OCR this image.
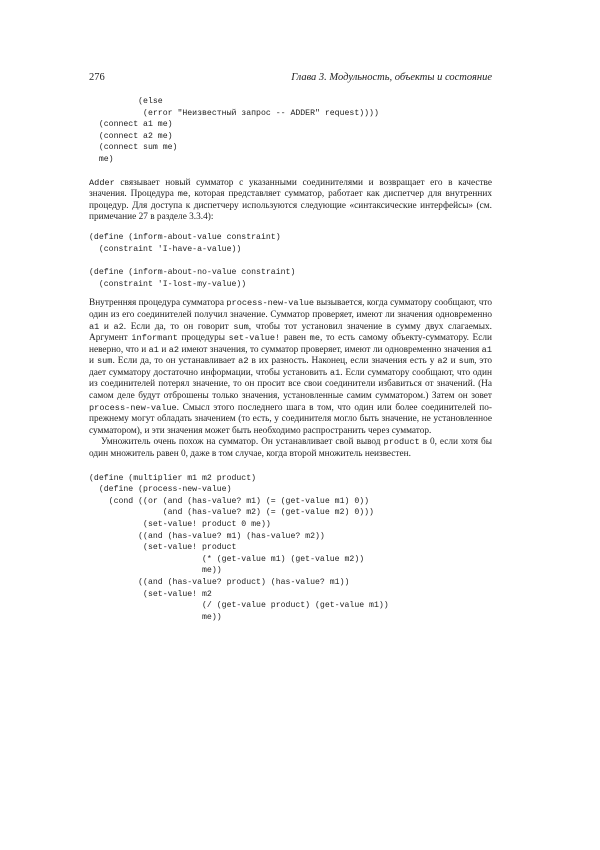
276	Глава 3. Модульность, объекты и состояние
(else
(error "Неизвестный запрос -- ADDER" request))))
(connect a1 me)
(connect a2 me)
(connect sum me)
me)

Adder связывает новый сумматор с указанными соединителями и возвращает его в качестве значения. Процедура me, которая представляет сумматор, работает как диспетчер для внутренних процедур. Для доступа к диспетчеру используются следующие «синтаксические интерфейсы» (см. примечание 27 в разделе 3.3.4):

(define (inform-about-value constraint)
(constraint 'I-have-a-value))
(define (inform-about-no-value constraint)
(constraint 'I-lost-my-value))

Внутренняя процедура сумматора process-new-value вызывается, когда сумматору сообщают, что один из его соединителей получил значение. Сумматор проверяет, имеют ли значения одновременно a1 и a2. Если да, то он говорит sum, чтобы тот установил значение в сумму двух слагаемых. Аргумент informant процедуры set-value! равен me, то есть самому объекту-сумматору. Если неверно, что и a1 и a2 имеют значения, то сумматор проверяет, имеют ли одновременно значения a1 и sum. Если да, то он устанавливает a2 в их разность. Наконец, если значения есть у a2 и sum, это дает сумматору достаточно информации, чтобы установить a1. Если сумматору сообщают, что один из соединителей потерял значение, то он просит все свои соединители избавиться от значений. (На самом деле будут отброшены только значения, установленные самим сумматором.) Затем он зовет process-new-value. Смысл этого последнего шага в том, что один или более соединителей по-прежнему могут обладать значением (то есть, у соединителя могло быть значение, не установленное сумматором), и эти значения может быть необходимо распространить через сумматор.

Умножитель очень похож на сумматор. Он устанавливает свой вывод product в 0, если хотя бы один множитель равен 0, даже в том случае, когда второй множитель неизвестен.

(define (multiplier m1 m2 product)
(define (process-new-value)
(cond ((or (and (has-value? m1) (= (get-value m1) 0))
(and (has-value? m2) (= (get-value m2) 0)))
(set-value! product 0 me))
((and (has-value? m1) (has-value? m2))
(set-value! product
(* (get-value m1) (get-value m2))
me))
((and (has-value? product) (has-value? m1))
(set-value! m2
(/ (get-value product) (get-value m1))
me))
